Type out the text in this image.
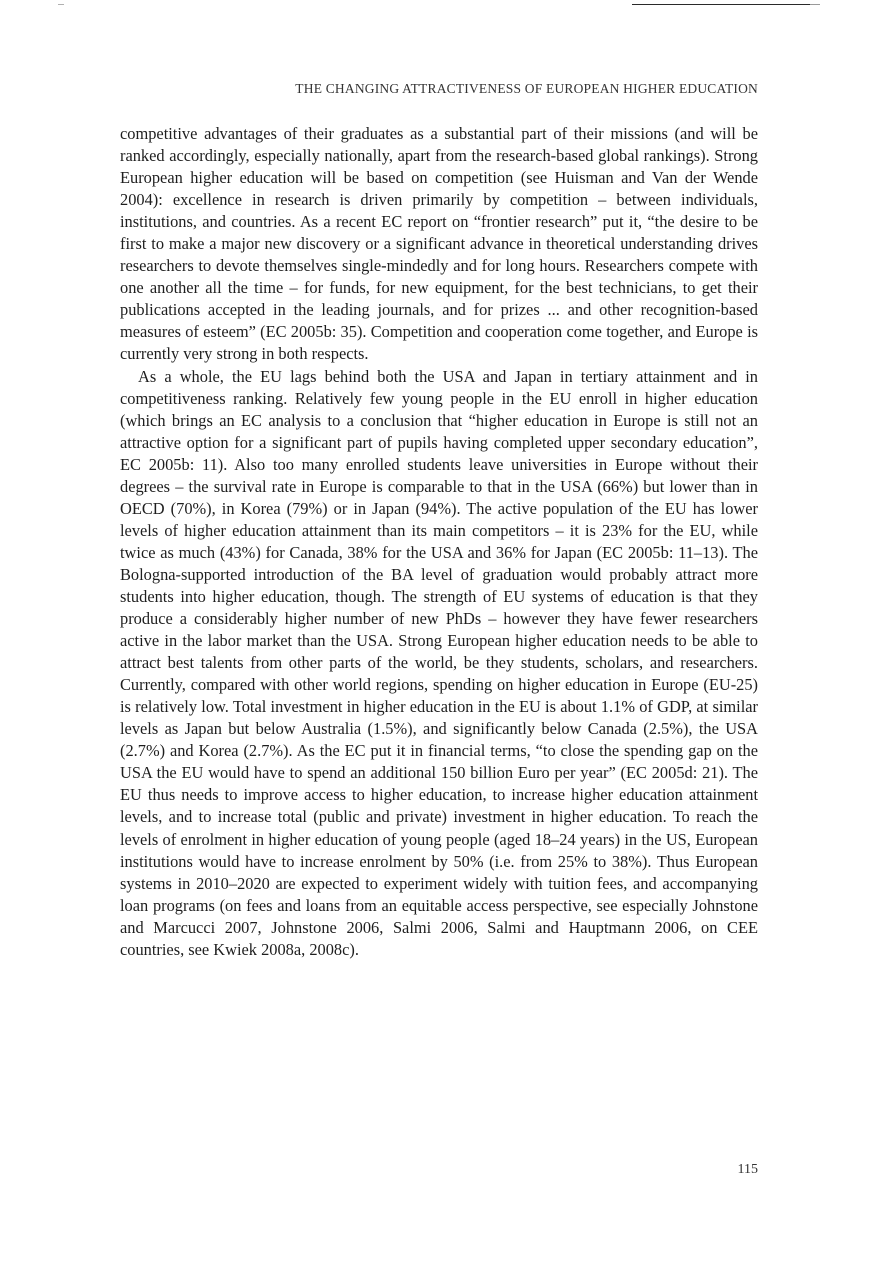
THE CHANGING ATTRACTIVENESS OF EUROPEAN HIGHER EDUCATION

competitive advantages of their graduates as a substantial part of their missions (and will be ranked accordingly, especially nationally, apart from the research-based global rankings). Strong European higher education will be based on competition (see Huisman and Van der Wende 2004): excellence in research is driven primarily by competition – between individuals, institutions, and countries. As a recent EC report on “frontier research” put it, “the desire to be first to make a major new discovery or a significant advance in theoretical understanding drives researchers to devote themselves single-mindedly and for long hours. Researchers compete with one another all the time – for funds, for new equipment, for the best technicians, to get their publications accepted in the leading journals, and for prizes ... and other recognition-based measures of esteem” (EC 2005b: 35). Competition and cooperation come together, and Europe is currently very strong in both respects.

As a whole, the EU lags behind both the USA and Japan in tertiary attainment and in competitiveness ranking. Relatively few young people in the EU enroll in higher education (which brings an EC analysis to a conclusion that “higher education in Europe is still not an attractive option for a significant part of pupils having completed upper secondary education”, EC 2005b: 11). Also too many enrolled students leave universities in Europe without their degrees – the survival rate in Europe is comparable to that in the USA (66%) but lower than in OECD (70%), in Korea (79%) or in Japan (94%). The active population of the EU has lower levels of higher education attainment than its main competitors – it is 23% for the EU, while twice as much (43%) for Canada, 38% for the USA and 36% for Japan (EC 2005b: 11–13). The Bologna-supported introduction of the BA level of graduation would probably attract more students into higher education, though. The strength of EU systems of education is that they produce a considerably higher number of new PhDs – however they have fewer researchers active in the labor market than the USA. Strong European higher education needs to be able to attract best talents from other parts of the world, be they students, scholars, and researchers. Currently, compared with other world regions, spending on higher education in Europe (EU-25) is relatively low. Total investment in higher education in the EU is about 1.1% of GDP, at similar levels as Japan but below Australia (1.5%), and significantly below Canada (2.5%), the USA (2.7%) and Korea (2.7%). As the EC put it in financial terms, “to close the spending gap on the USA the EU would have to spend an additional 150 billion Euro per year” (EC 2005d: 21). The EU thus needs to improve access to higher education, to increase higher education attainment levels, and to increase total (public and private) investment in higher education. To reach the levels of enrolment in higher education of young people (aged 18–24 years) in the US, European institutions would have to increase enrolment by 50% (i.e. from 25% to 38%). Thus European systems in 2010–2020 are expected to experiment widely with tuition fees, and accompanying loan programs (on fees and loans from an equitable access perspective, see especially Johnstone and Marcucci 2007, Johnstone 2006, Salmi 2006, Salmi and Hauptmann 2006, on CEE countries, see Kwiek 2008a, 2008c).

115
